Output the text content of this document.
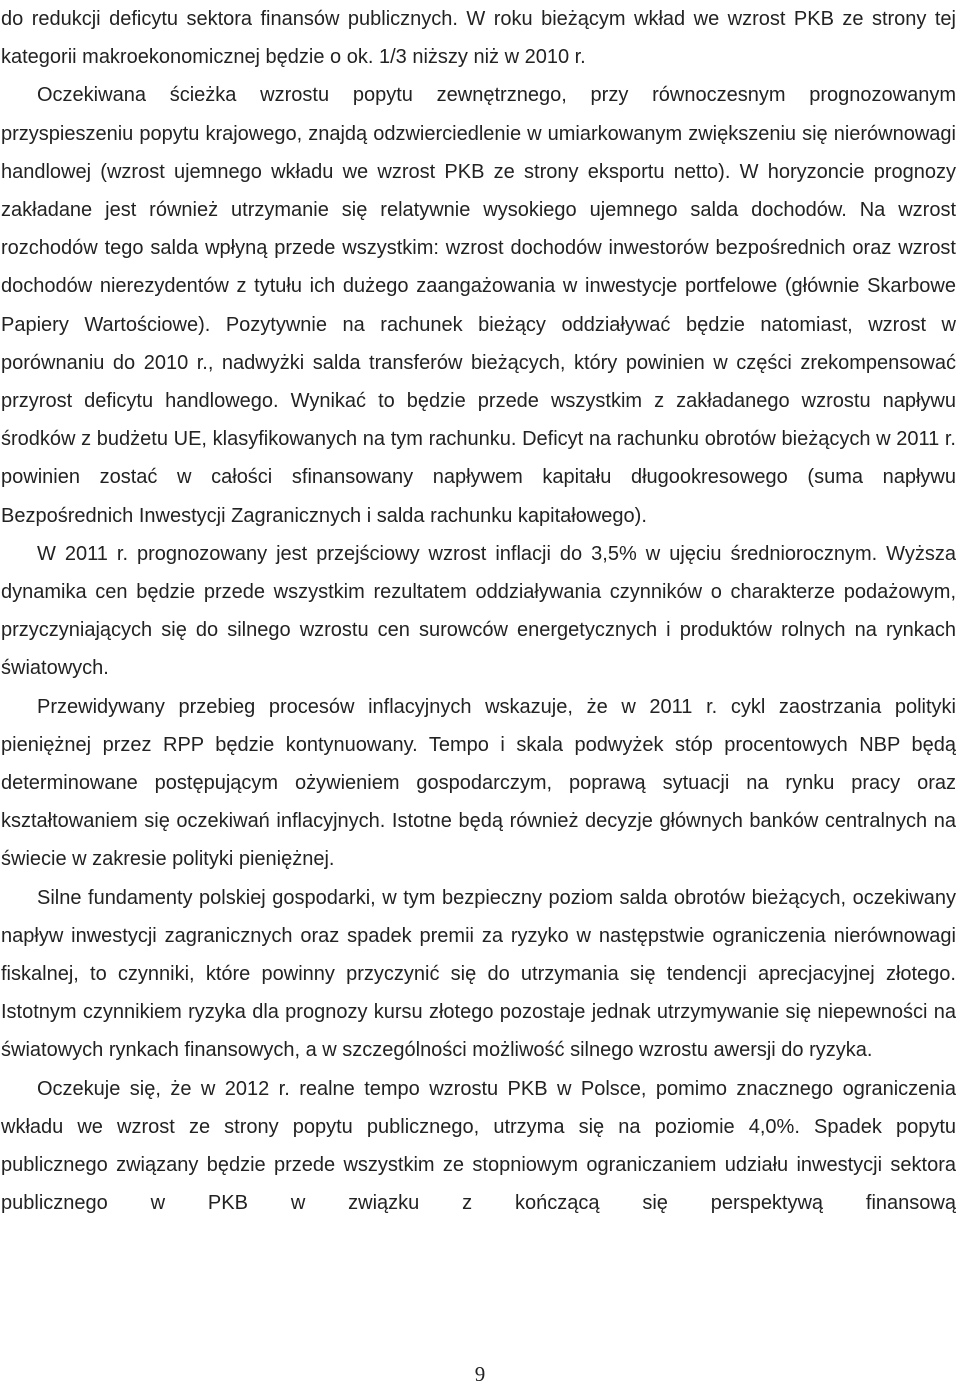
do redukcji deficytu sektora finansów publicznych. W roku bieżącym wkład we wzrost PKB ze strony tej kategorii makroekonomicznej będzie o ok. 1/3 niższy niż w 2010 r.

Oczekiwana ścieżka wzrostu popytu zewnętrznego, przy równoczesnym prognozowanym przyspieszeniu popytu krajowego, znajdą odzwierciedlenie w umiarkowanym zwiększeniu się nierównowagi handlowej (wzrost ujemnego wkładu we wzrost PKB ze strony eksportu netto). W horyzoncie prognozy zakładane jest również utrzymanie się relatywnie wysokiego ujemnego salda dochodów. Na wzrost rozchodów tego salda wpłyną przede wszystkim: wzrost dochodów inwestorów bezpośrednich oraz wzrost dochodów nierezydentów z tytułu ich dużego zaangażowania w inwestycje portfelowe (głównie Skarbowe Papiery Wartościowe). Pozytywnie na rachunek bieżący oddziaływać będzie natomiast, wzrost w porównaniu do 2010 r., nadwyżki salda transferów bieżących, który powinien w części zrekompensować przyrost deficytu handlowego. Wynikać to będzie przede wszystkim z zakładanego wzrostu napływu środków z budżetu UE, klasyfikowanych na tym rachunku. Deficyt na rachunku obrotów bieżących w 2011 r. powinien zostać w całości sfinansowany napływem kapitału długookresowego (suma napływu Bezpośrednich Inwestycji Zagranicznych i salda rachunku kapitałowego).

W 2011 r. prognozowany jest przejściowy wzrost inflacji do 3,5% w ujęciu średniorocznym. Wyższa dynamika cen będzie przede wszystkim rezultatem oddziaływania czynników o charakterze podażowym, przyczyniających się do silnego wzrostu cen surowców energetycznych i produktów rolnych na rynkach światowych.

Przewidywany przebieg procesów inflacyjnych wskazuje, że w 2011 r. cykl zaostrzania polityki pieniężnej przez RPP będzie kontynuowany. Tempo i skala podwyżek stóp procentowych NBP będą determinowane postępującym ożywieniem gospodarczym, poprawą sytuacji na rynku pracy oraz kształtowaniem się oczekiwań inflacyjnych. Istotne będą również decyzje głównych banków centralnych na świecie w zakresie polityki pieniężnej.

Silne fundamenty polskiej gospodarki, w tym bezpieczny poziom salda obrotów bieżących, oczekiwany napływ inwestycji zagranicznych oraz spadek premii za ryzyko w następstwie ograniczenia nierównowagi fiskalnej, to czynniki, które powinny przyczynić się do utrzymania się tendencji aprecjacyjnej złotego. Istotnym czynnikiem ryzyka dla prognozy kursu złotego pozostaje jednak utrzymywanie się niepewności na światowych rynkach finansowych, a w szczególności możliwość silnego wzrostu awersji do ryzyka.

Oczekuje się, że w 2012 r. realne tempo wzrostu PKB w Polsce, pomimo znacznego ograniczenia wkładu we wzrost ze strony popytu publicznego, utrzyma się na poziomie 4,0%. Spadek popytu publicznego związany będzie przede wszystkim ze stopniowym ograniczaniem udziału inwestycji sektora publicznego w PKB w związku z kończącą się perspektywą finansową

9
